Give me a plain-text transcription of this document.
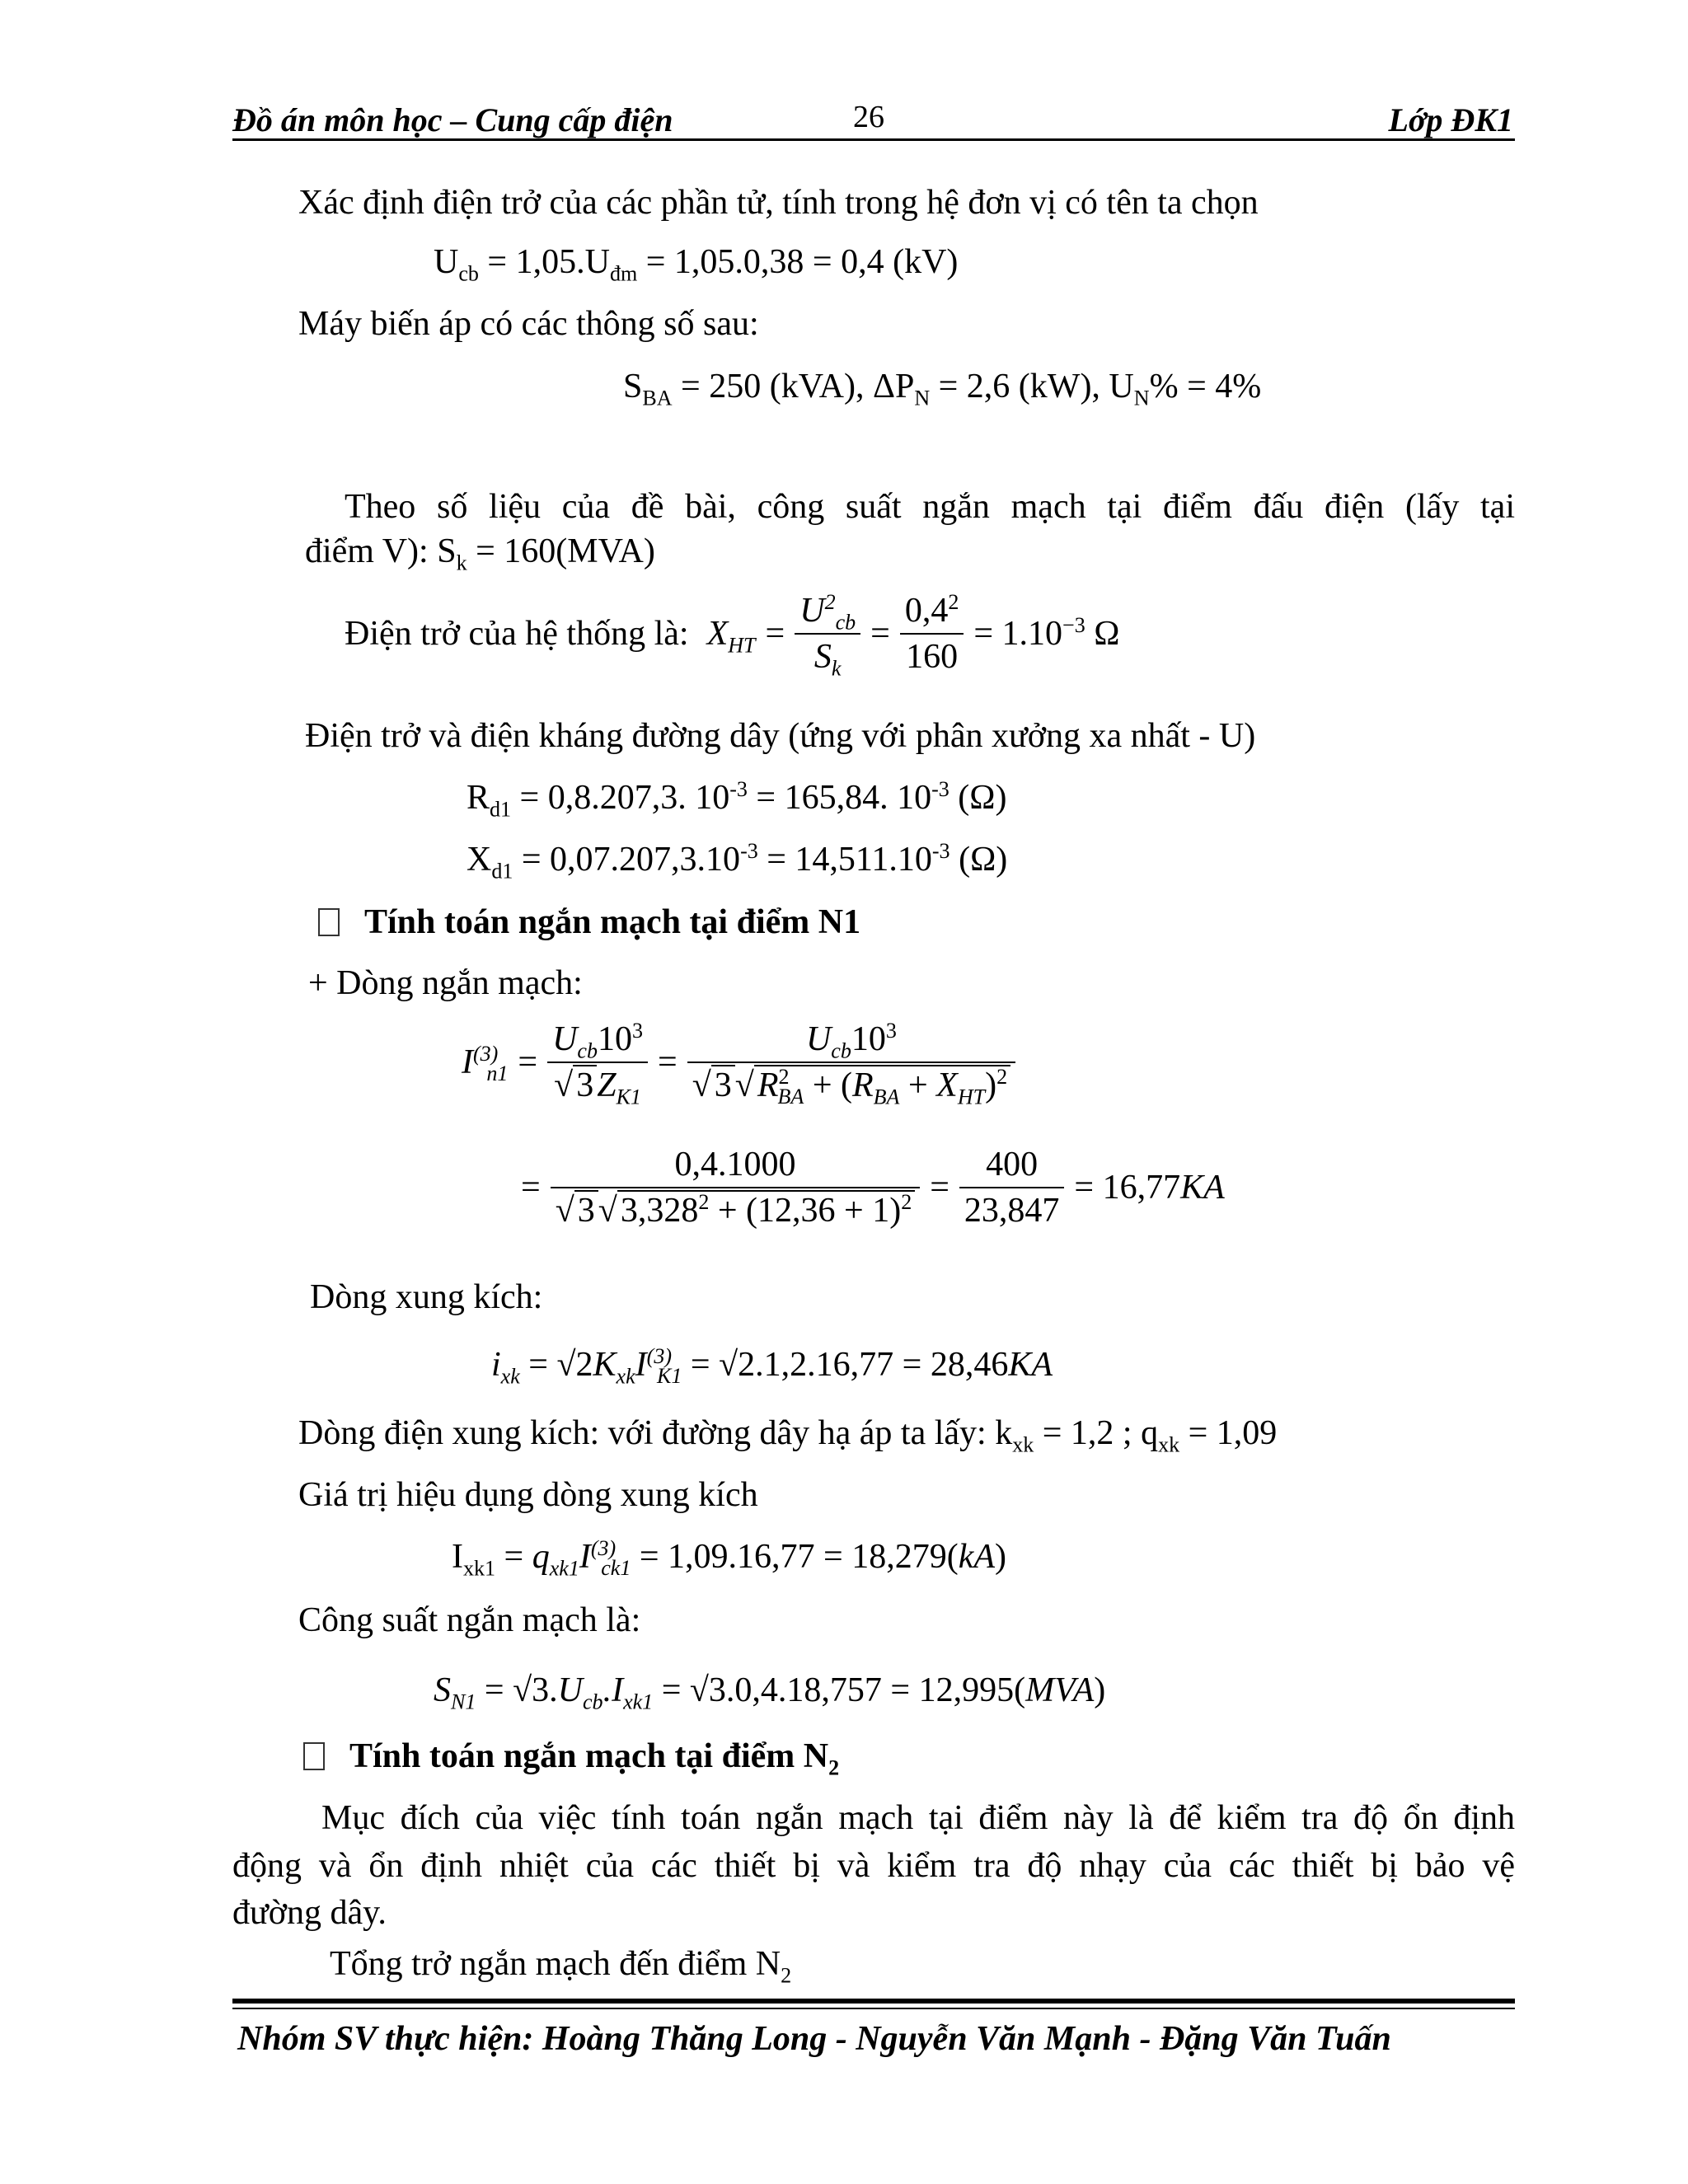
Đồ án môn học – Cung cấp điện	26	Lớp ĐK1
Xác định điện trở của các phần tử, tính trong hệ đơn vị có tên ta chọn
$U_{cb} = 1,05.U_{đm} = 1,05.0,38 = 0,4$ (kV)
Máy biến áp có các thông số sau:
$S_{BA} = 250$ (kVA), $\Delta P_N = 2,6$ (kW), $U_N\% = 4\%$
Theo số liệu của đề bài, công suất ngắn mạch tại điểm đấu điện (lấy tại
điểm V): $S_k = 160(MVA)$
Điện trở của hệ thống là: $X_{HT} = \frac{U^2_{cb}}{S_k} = \frac{0,4^2}{160} = 1.10^{-3}$ Ω
Điện trở và điện kháng đường dây (ứng với phân xưởng xa nhất - U)
$R_{d1} = 0,8.207,3$. $10^{-3} = 165,84$. $10^{-3}$ (Ω)
$X_{d1} = 0,07.207,3.10^{-3} = 14,511.10^{-3}$ (Ω)
Tính toán ngắn mạch tại điểm N1
+ Dòng ngắn mạch:
$I^{(3)}_{n1} = \frac{U_{cb}10^3}{√3Z_{K1}} = \frac{U_{cb}10^3}{√3√R^2_{BA} + (R_{BA} + X_{HT})^2}$
= $\frac{0,4.1000}{√3√3,328^2 + (12,36 + 1)^2} = \frac{400}{23,847} = 16,77$ KA
Dòng xung kích:
$i_{xk} = √2K_{xk}I^{(3)}_{K1} = √2.1,2.16,77 = 28,46KA$
Dòng điện xung kích: với đường dây hạ áp ta lấy: $k_{xk} = 1,2$ ; $q_{xk} = 1,09$
Giá trị hiệu dụng dòng xung kích
$I_{xk1} = q_{xk1}I^{(3)}_{ck1} = 1,09.16,77 = 18,279(kA)$
Công suất ngắn mạch là:
$S_{N1} = √3.U_{cb}.I_{xk1} = √3.0,4.18,757 = 12,995(MVA)$
Tính toán ngắn mạch tại điểm $N_2$
Mục đích của việc tính toán ngắn mạch tại điểm này là để kiểm tra độ ổn định
động và ổn định nhiệt của các thiết bị và kiểm tra độ nhạy của các thiết bị bảo vệ
đường dây.
Tổng trở ngắn mạch đến điểm $N_2$
Nhóm SV thực hiện: Hoàng Thăng Long - Nguyễn Văn Mạnh - Đặng Văn Tuấn
